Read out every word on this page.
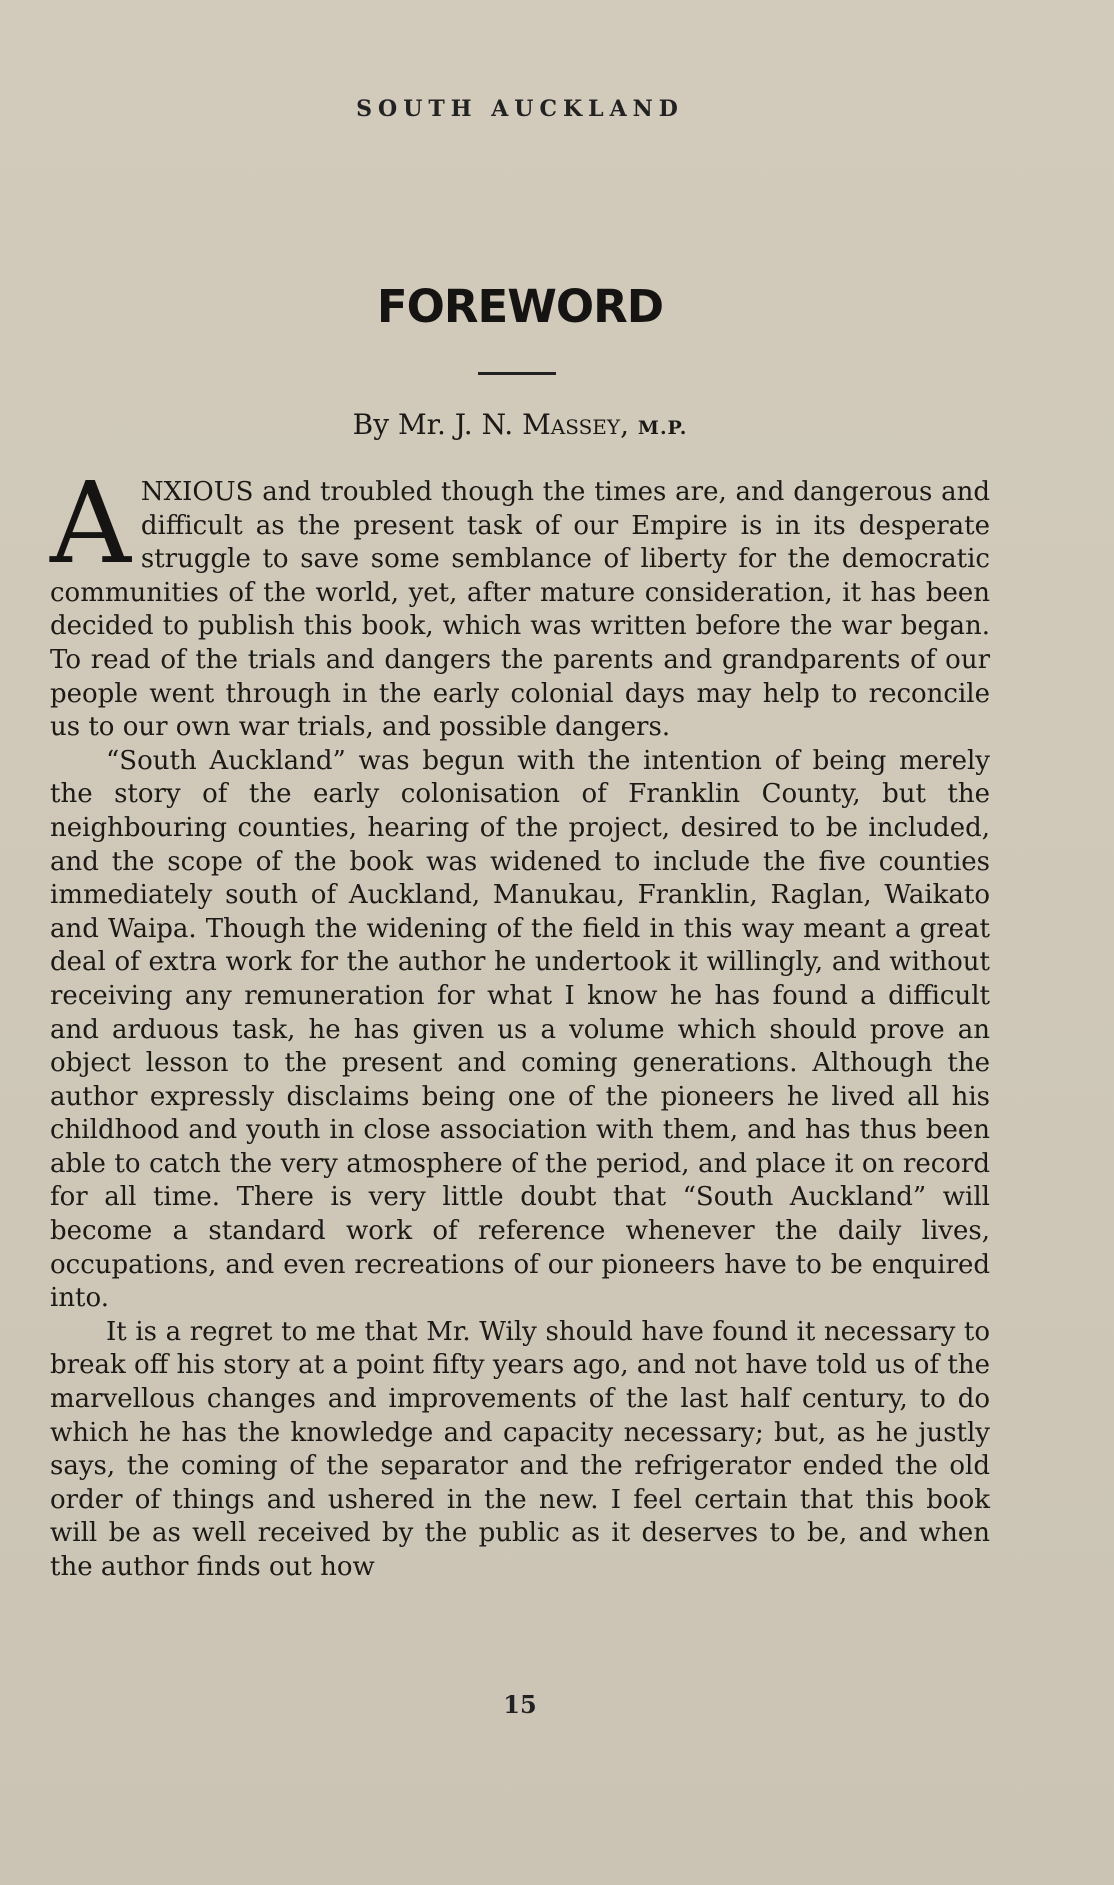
SOUTH AUCKLAND
FOREWORD
By Mr. J. N. Massey, M.P.

ANXIOUS and troubled though the times are, and dangerous and difficult as the present task of our Empire is in its desperate struggle to save some semblance of liberty for the democratic communities of the world, yet, after mature consideration, it has been decided to publish this book, which was written before the war began. To read of the trials and dangers the parents and grandparents of our people went through in the early colonial days may help to reconcile us to our own war trials, and possible dangers.

“South Auckland” was begun with the intention of being merely the story of the early colonisation of Franklin County, but the neighbouring counties, hearing of the project, desired to be included, and the scope of the book was widened to include the five counties immediately south of Auckland, Manukau, Franklin, Raglan, Waikato and Waipa. Though the widening of the field in this way meant a great deal of extra work for the author he undertook it willingly, and without receiving any remuneration for what I know he has found a difficult and arduous task, he has given us a volume which should prove an object lesson to the present and coming generations. Although the author expressly disclaims being one of the pioneers he lived all his childhood and youth in close association with them, and has thus been able to catch the very atmosphere of the period, and place it on record for all time. There is very little doubt that “South Auckland” will become a standard work of reference whenever the daily lives, occupations, and even recreations of our pioneers have to be enquired into.

It is a regret to me that Mr. Wily should have found it necessary to break off his story at a point fifty years ago, and not have told us of the marvellous changes and improvements of the last half century, to do which he has the knowledge and capacity necessary; but, as he justly says, the coming of the separator and the refrigerator ended the old order of things and ushered in the new. I feel certain that this book will be as well received by the public as it deserves to be, and when the author finds out how

15
